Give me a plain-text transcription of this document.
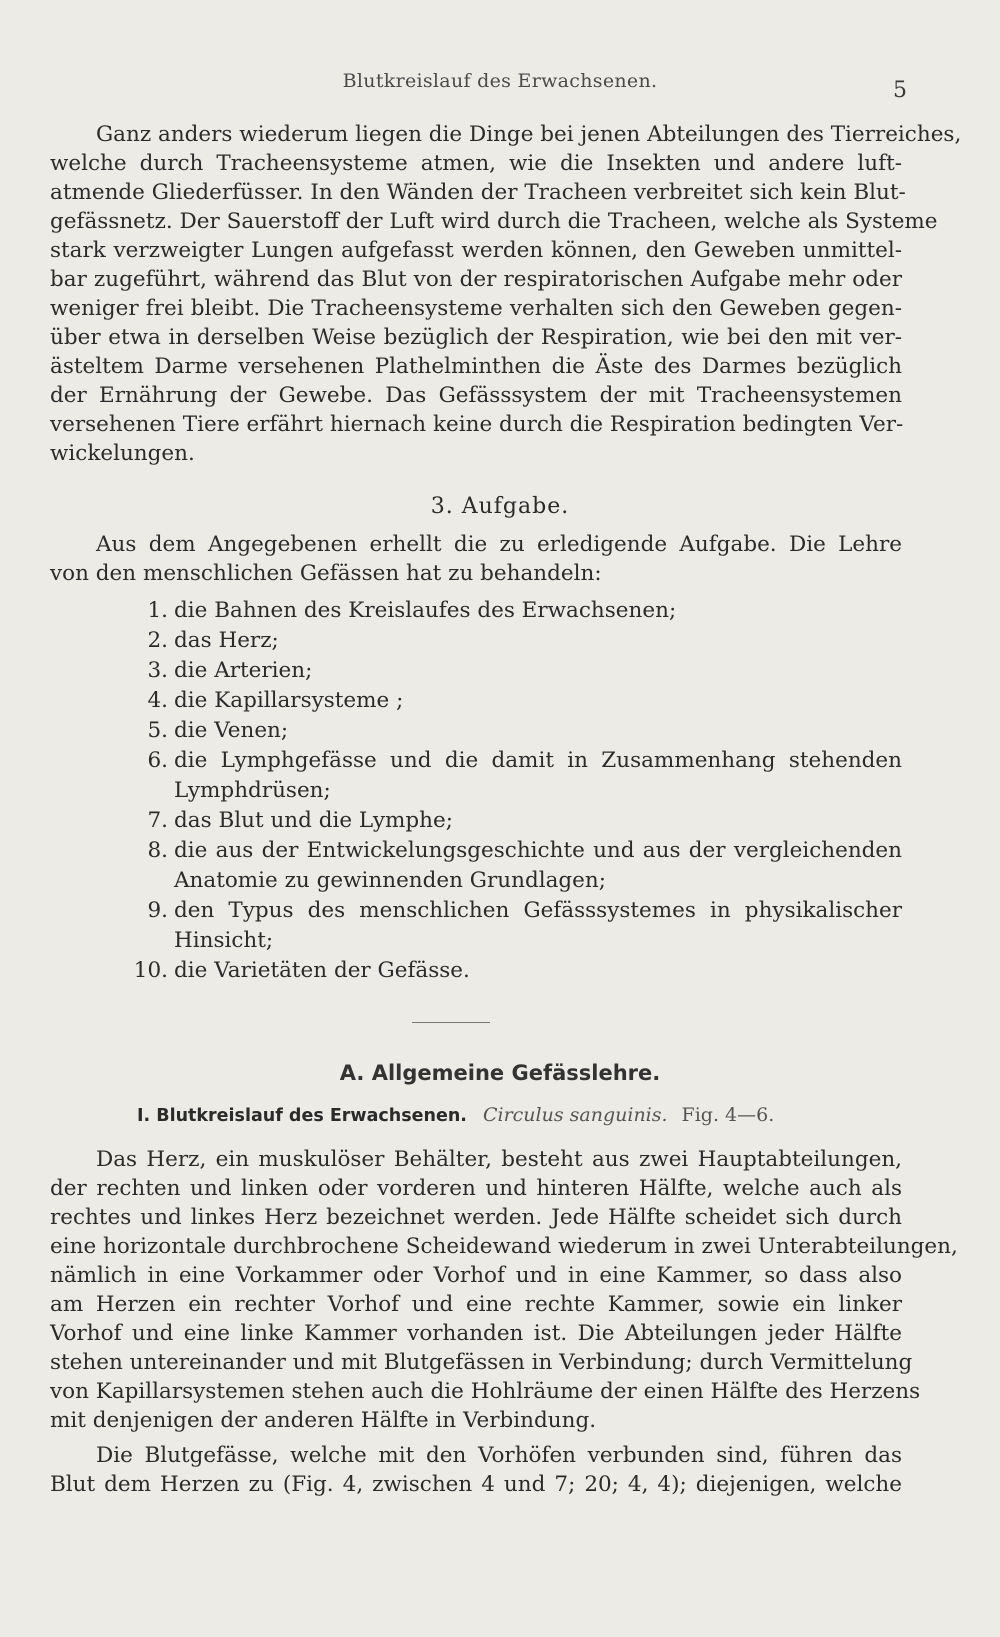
Blutkreislauf des Erwachsenen.	5
Ganz anders wiederum liegen die Dinge bei jenen Abteilungen des Tierreiches,
welche durch Tracheensysteme atmen, wie die Insekten und andere luft-
atmende Gliederfüsser. In den Wänden der Tracheen verbreitet sich kein Blut-
gefässnetz. Der Sauerstoff der Luft wird durch die Tracheen, welche als Systeme
stark verzweigter Lungen aufgefasst werden können, den Geweben unmittel-
bar zugeführt, während das Blut von der respiratorischen Aufgabe mehr oder
weniger frei bleibt. Die Tracheensysteme verhalten sich den Geweben gegen-
über etwa in derselben Weise bezüglich der Respiration, wie bei den mit ver-
ästeltem Darme versehenen Plathelminthen die Äste des Darmes bezüglich
der Ernährung der Gewebe. Das Gefässsystem der mit Tracheensystemen
versehenen Tiere erfährt hiernach keine durch die Respiration bedingten Ver-
wickelungen.
3. Aufgabe.
Aus dem Angegebenen erhellt die zu erledigende Aufgabe. Die Lehre
von den menschlichen Gefässen hat zu behandeln:
1. die Bahnen des Kreislaufes des Erwachsenen;
2. das Herz;
3. die Arterien;
4. die Kapillarsysteme ;
5. die Venen;
6. die Lymphgefässe und die damit in Zusammenhang stehenden
Lymphdrüsen;
7. das Blut und die Lymphe;
8. die aus der Entwickelungsgeschichte und aus der vergleichenden
Anatomie zu gewinnenden Grundlagen;
9. den Typus des menschlichen Gefässsystemes in physikalischer
Hinsicht;
10. die Varietäten der Gefässe.
A. Allgemeine Gefässlehre.
I. Blutkreislauf des Erwachsenen. Circulus sanguinis. Fig. 4—6.
Das Herz, ein muskulöser Behälter, besteht aus zwei Hauptabteilungen,
der rechten und linken oder vorderen und hinteren Hälfte, welche auch als
rechtes und linkes Herz bezeichnet werden. Jede Hälfte scheidet sich durch
eine horizontale durchbrochene Scheidewand wiederum in zwei Unterabteilungen,
nämlich in eine Vorkammer oder Vorhof und in eine Kammer, so dass also
am Herzen ein rechter Vorhof und eine rechte Kammer, sowie ein linker
Vorhof und eine linke Kammer vorhanden ist. Die Abteilungen jeder Hälfte
stehen untereinander und mit Blutgefässen in Verbindung; durch Vermittelung
von Kapillarsystemen stehen auch die Hohlräume der einen Hälfte des Herzens
mit denjenigen der anderen Hälfte in Verbindung.
Die Blutgefässe, welche mit den Vorhöfen verbunden sind, führen das
Blut dem Herzen zu (Fig. 4, zwischen 4 und 7; 20; 4, 4); diejenigen, welche
